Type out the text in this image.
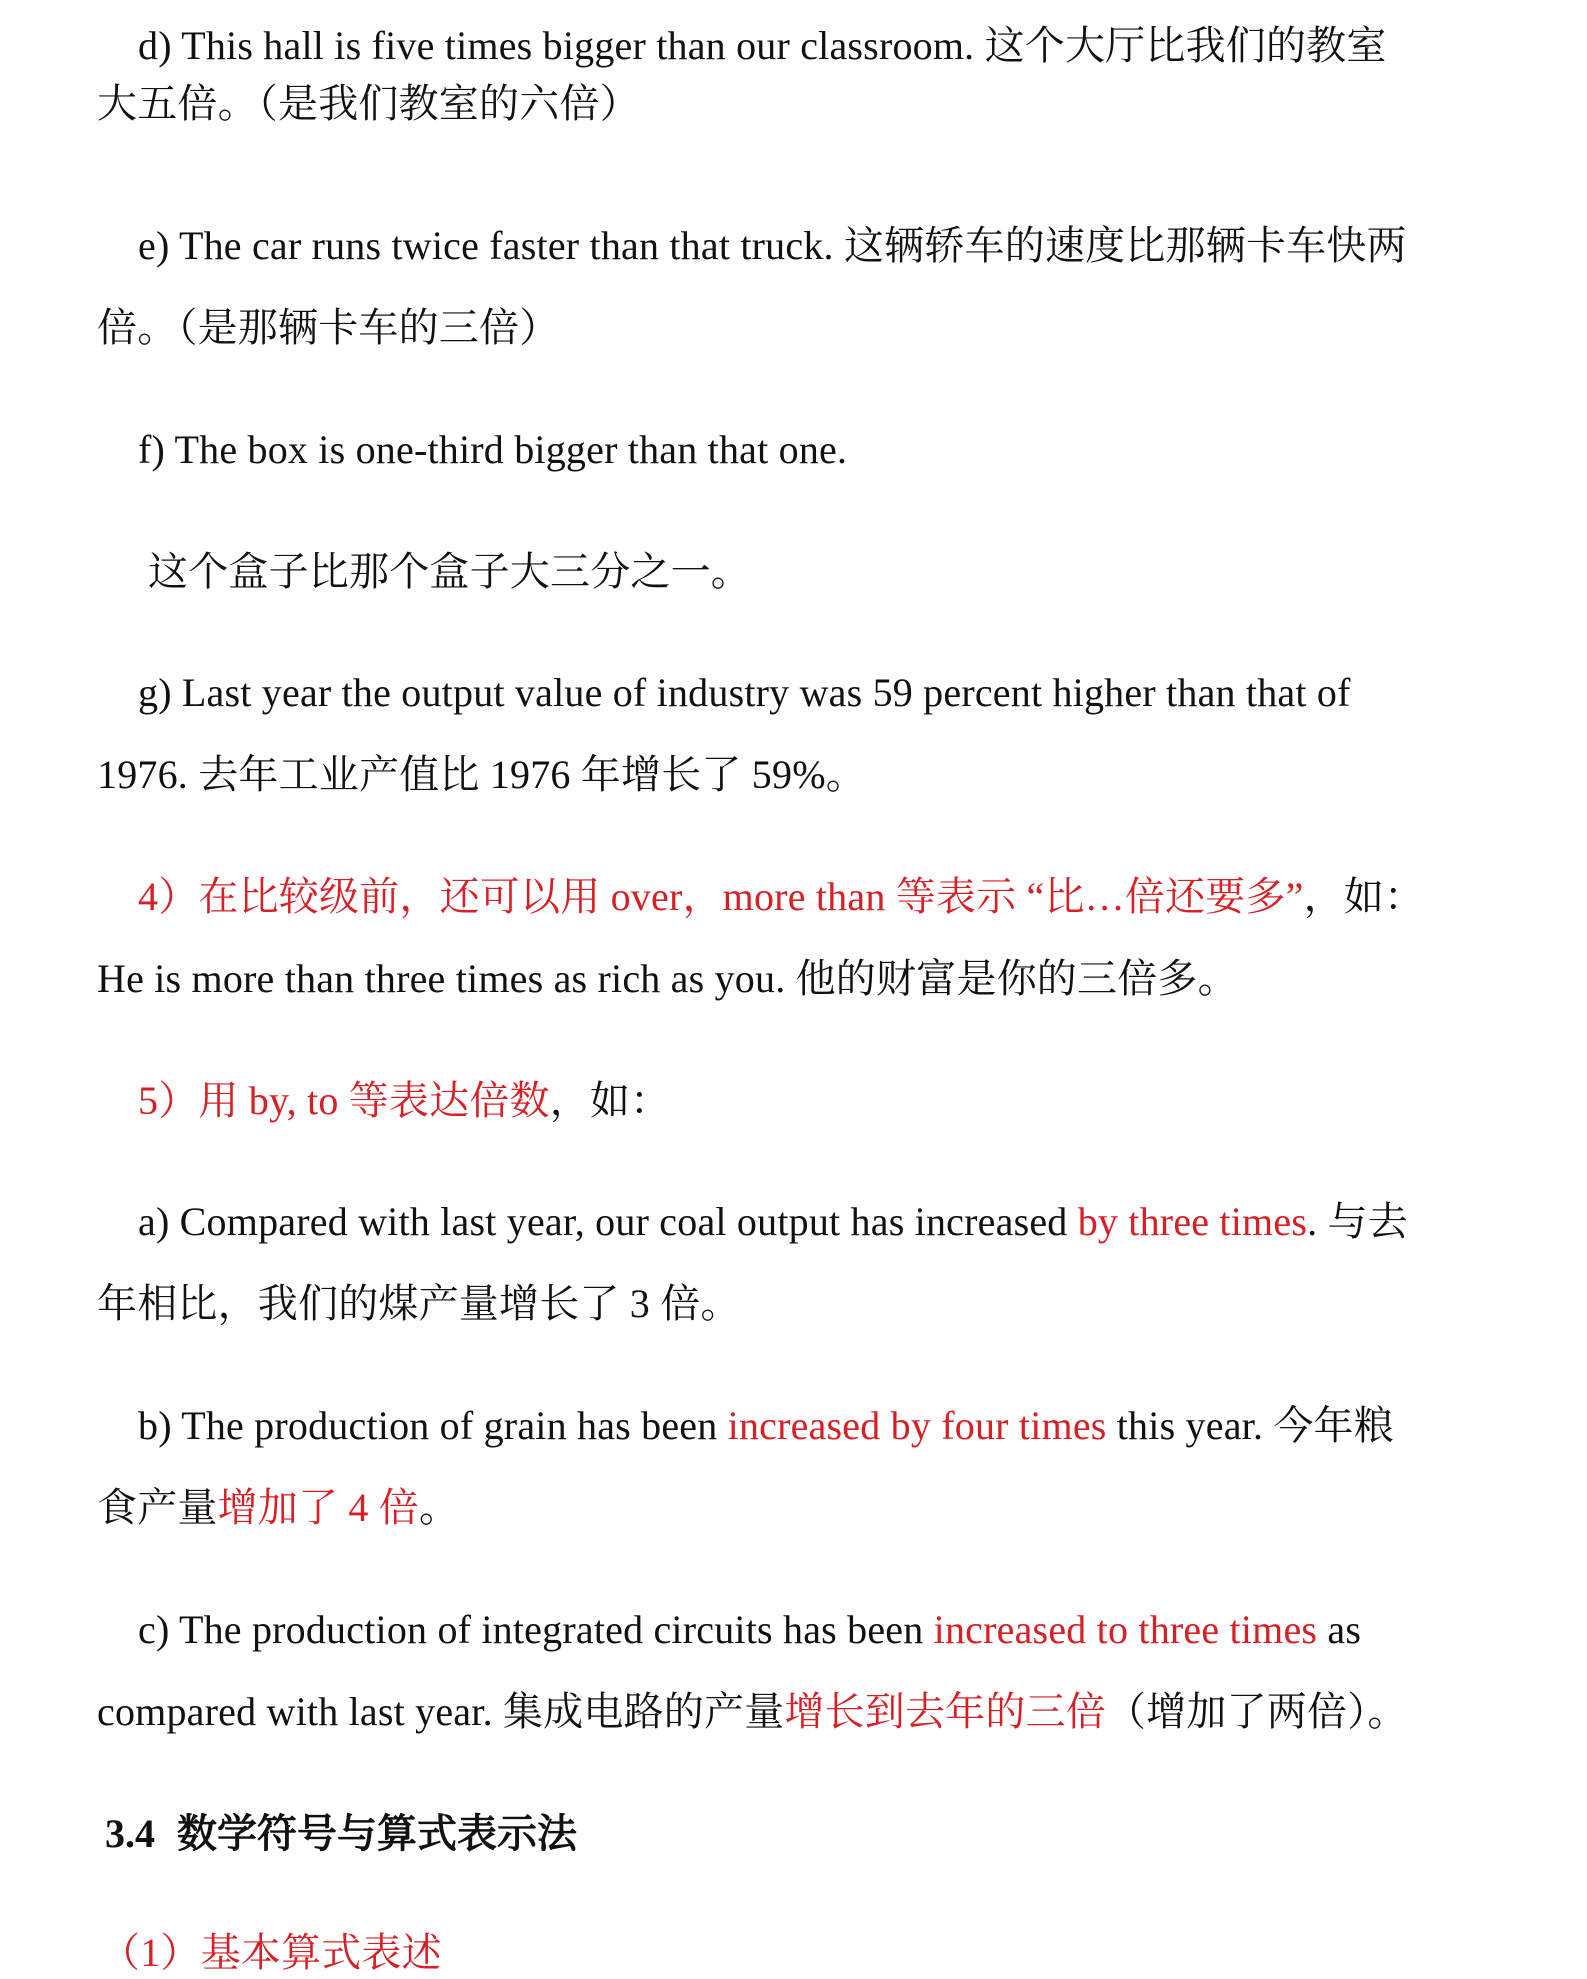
d) This hall is five times bigger than our classroom. 这个大厅比我们的教室
大五倍。（是我们教室的六倍）
e) The car runs twice faster than that truck. 这辆轿车的速度比那辆卡车快两
倍。（是那辆卡车的三倍）
f) The box is one-third bigger than that one.
这个盒子比那个盒子大三分之一。
g) Last year the output value of industry was 59 percent higher than that of
1976. 去年工业产值比 1976 年增长了 59%。
4）在比较级前，还可以用 over，more than 等表示 “比…倍还要多”，如：
He is more than three times as rich as you. 他的财富是你的三倍多。
5）用 by, to 等表达倍数，如：
a) Compared with last year, our coal output has increased by three times. 与去
年相比，我们的煤产量增长了 3 倍。
b) The production of grain has been increased by four times this year. 今年粮
食产量增加了 4 倍。
c) The production of integrated circuits has been increased to three times as
compared with last year. 集成电路的产量增长到去年的三倍（增加了两倍）。
3.4 数学符号与算式表示法
（1）基本算式表述
